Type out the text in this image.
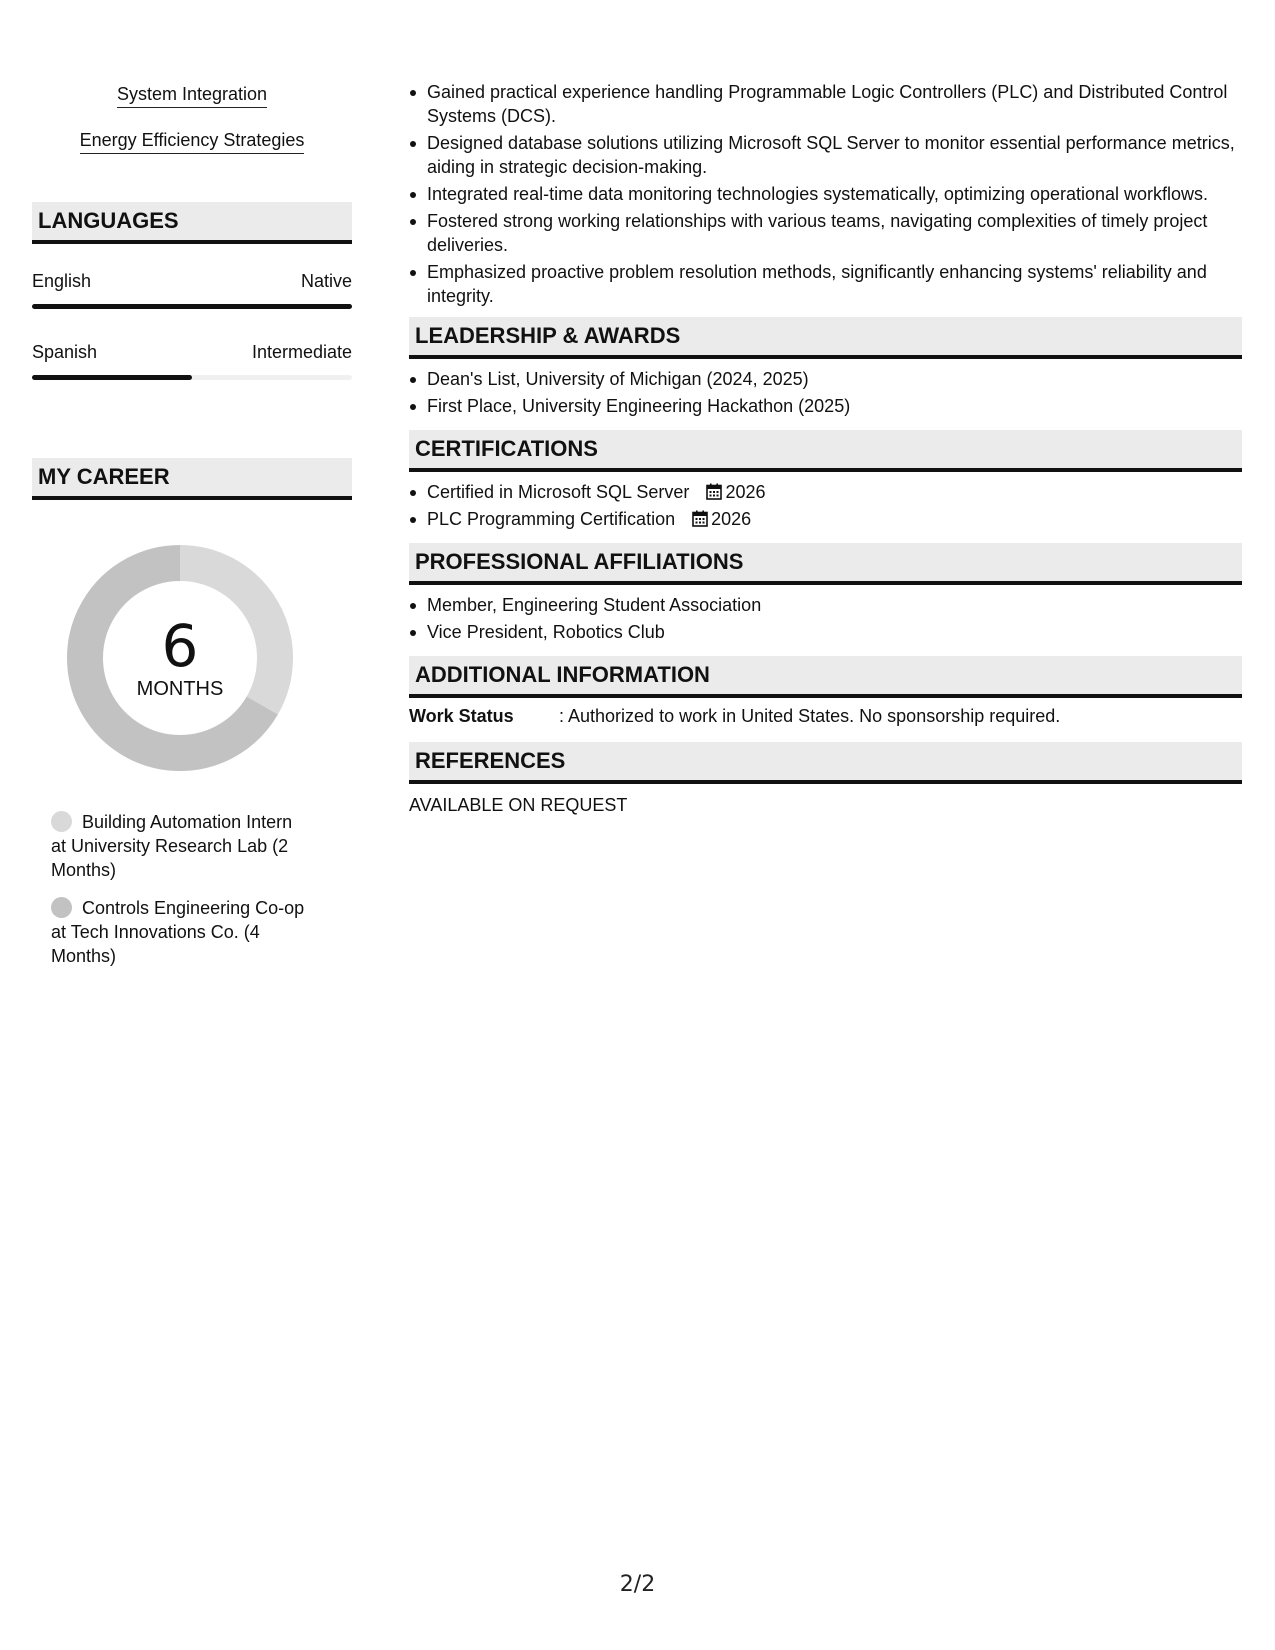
System Integration
Energy Efficiency Strategies
LANGUAGES
English	Native
Spanish	Intermediate
MY CAREER
6
MONTHS
Building Automation Intern at University Research Lab (2 Months)
Controls Engineering Co-op at Tech Innovations Co. (4 Months)
Gained practical experience handling Programmable Logic Controllers (PLC) and Distributed Control Systems (DCS).
Designed database solutions utilizing Microsoft SQL Server to monitor essential performance metrics, aiding in strategic decision-making.
Integrated real-time data monitoring technologies systematically, optimizing operational workflows.
Fostered strong working relationships with various teams, navigating complexities of timely project deliveries.
Emphasized proactive problem resolution methods, significantly enhancing systems' reliability and integrity.
LEADERSHIP & AWARDS
Dean's List, University of Michigan (2024, 2025)
First Place, University Engineering Hackathon (2025)
CERTIFICATIONS
Certified in Microsoft SQL Server 2026
PLC Programming Certification 2026
PROFESSIONAL AFFILIATIONS
Member, Engineering Student Association
Vice President, Robotics Club
ADDITIONAL INFORMATION
Work Status	: Authorized to work in United States. No sponsorship required.
REFERENCES
AVAILABLE ON REQUEST
2/2
